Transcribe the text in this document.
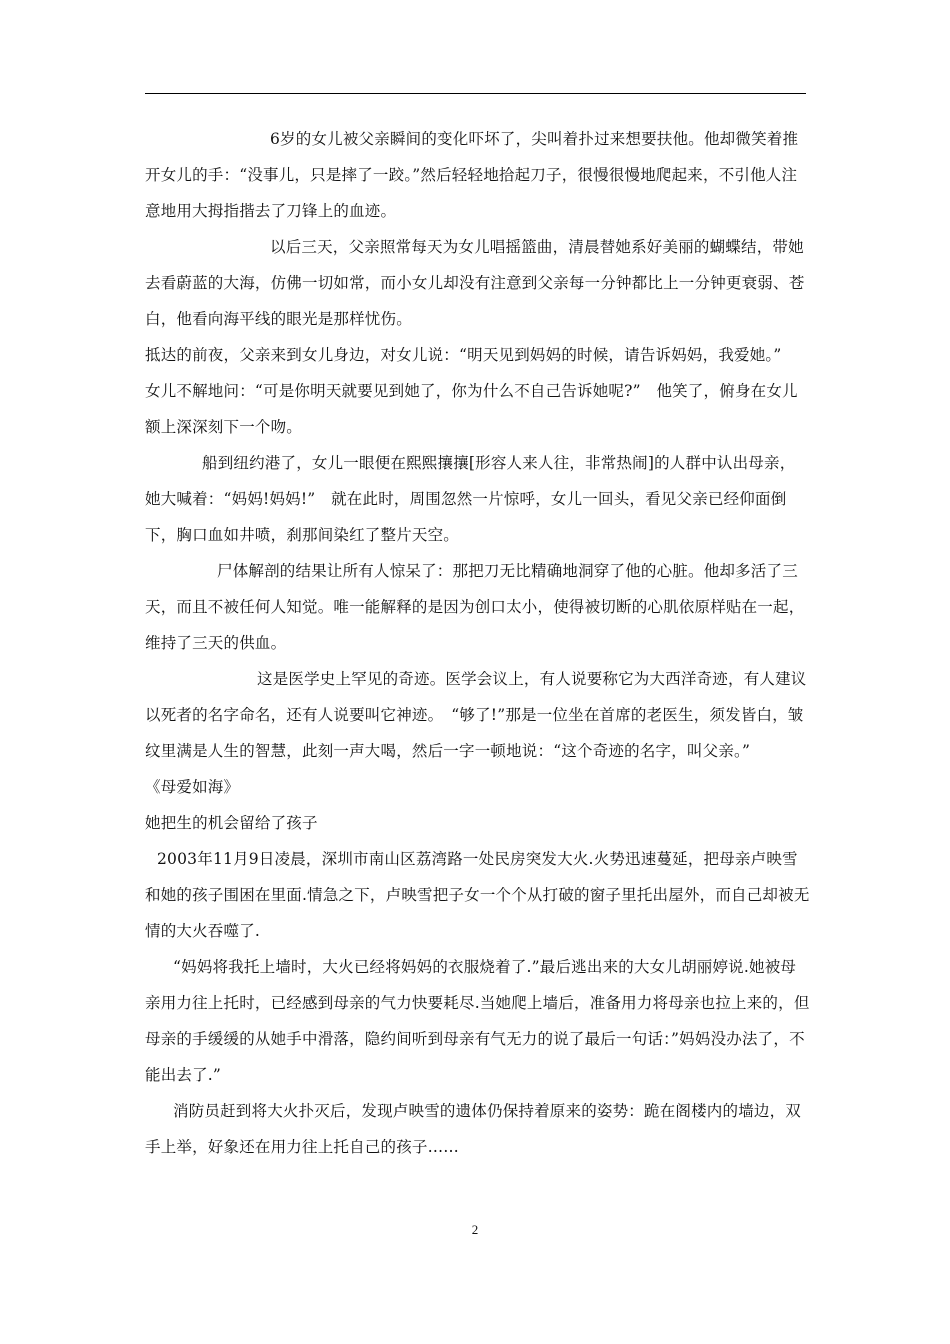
6岁的女儿被父亲瞬间的变化吓坏了，尖叫着扑过来想要扶他。他却微笑着推开女儿的手：“没事儿，只是摔了一跤。”然后轻轻地拾起刀子，很慢很慢地爬起来，不引他人注意地用大拇指揩去了刀锋上的血迹。

以后三天，父亲照常每天为女儿唱摇篮曲，清晨替她系好美丽的蝴蝶结，带她去看蔚蓝的大海，仿佛一切如常，而小女儿却没有注意到父亲每一分钟都比上一分钟更衰弱、苍白，他看向海平线的眼光是那样忧伤。

抵达的前夜，父亲来到女儿身边，对女儿说：“明天见到妈妈的时候，请告诉妈妈，我爱她。”

女儿不解地问：“可是你明天就要见到她了，你为什么不自己告诉她呢?”　他笑了，俯身在女儿额上深深刻下一个吻。

船到纽约港了，女儿一眼便在熙熙攘攘[形容人来人往，非常热闹]的人群中认出母亲，她大喊着：“妈妈!妈妈!”　就在此时，周围忽然一片惊呼，女儿一回头，看见父亲已经仰面倒下，胸口血如井喷，刹那间染红了整片天空。

尸体解剖的结果让所有人惊呆了：那把刀无比精确地洞穿了他的心脏。他却多活了三天，而且不被任何人知觉。唯一能解释的是因为创口太小，使得被切断的心肌依原样贴在一起，维持了三天的供血。

这是医学史上罕见的奇迹。医学会议上，有人说要称它为大西洋奇迹，有人建议以死者的名字命名，还有人说要叫它神迹。　“够了!”那是一位坐在首席的老医生，须发皆白，皱纹里满是人生的智慧，此刻一声大喝，然后一字一顿地说：“这个奇迹的名字，叫父亲。”

《母爱如海》

她把生的机会留给了孩子

2003年11月9日凌晨，深圳市南山区荔湾路一处民房突发大火.火势迅速蔓延，把母亲卢映雪和她的孩子围困在里面.情急之下，卢映雪把子女一个个从打破的窗子里托出屋外，而自己却被无情的大火吞噬了.

“妈妈将我托上墙时，大火已经将妈妈的衣服烧着了.”最后逃出来的大女儿胡丽婷说.她被母亲用力往上托时，已经感到母亲的气力快要耗尽.当她爬上墙后，准备用力将母亲也拉上来的，但母亲的手缓缓的从她手中滑落，隐约间听到母亲有气无力的说了最后一句话：”妈妈没办法了，不能出去了.”

消防员赶到将大火扑灭后，发现卢映雪的遗体仍保持着原来的姿势：跪在阁楼内的墙边，双手上举，好象还在用力往上托自己的孩子……

2
